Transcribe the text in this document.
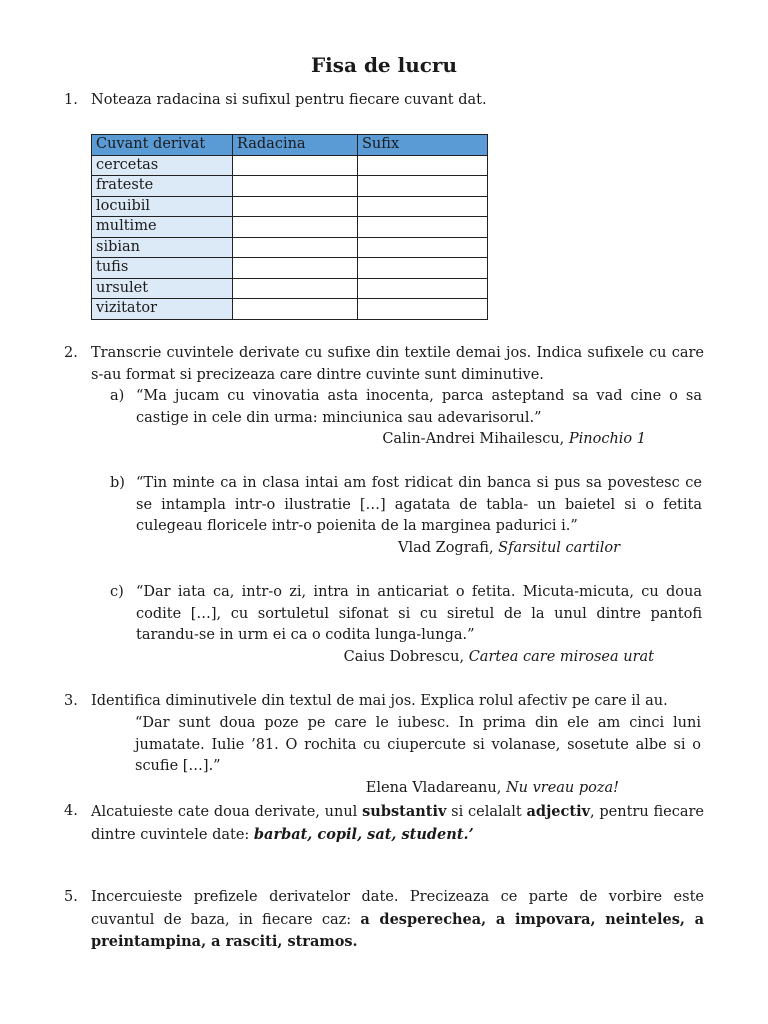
Fisa de lucru
1. Noteaza radacina si sufixul pentru fiecare cuvant dat.
Cuvant derivat	Radacina	Sufix
cercetas		
frateste		
locuibil		
multime		
sibian		
tufis		
ursulet		
vizitator		
2. Transcrie cuvintele derivate cu sufixe din textile demai jos. Indica sufixele cu care s-au format si precizeaza care dintre cuvinte sunt diminutive.
a) “Ma jucam cu vinovatia asta inocenta, parca asteptand sa vad cine o sa castige in cele din urma: minciunica sau adevarisorul.”
Calin-Andrei Mihailescu, Pinochio 1
b) “Tin minte ca in clasa intai am fost ridicat din banca si pus sa povestesc ce se intampla intr-o ilustratie […] agatata de tabla- un baietel si o fetita culegeau floricele intr-o poienita de la marginea padurici i.”
Vlad Zografi, Sfarsitul cartilor
c) “Dar iata ca, intr-o zi, intra in anticariat o fetita. Micuta-micuta, cu doua codite […], cu sortuletul sifonat si cu siretul de la unul dintre pantofi tarandu-se in urm ei ca o codita lunga-lunga.”
Caius Dobrescu, Cartea care mirosea urat
3. Identifica diminutivele din textul de mai jos. Explica rolul afectiv pe care il au.
“Dar sunt doua poze pe care le iubesc. In prima din ele am cinci luni jumatate. Iulie ’81. O rochita cu ciupercute si volanase, sosetute albe si o scufie […].”
Elena Vladareanu, Nu vreau poza!
4. Alcatuieste cate doua derivate, unul substantiv si celalalt adjectiv, pentru fiecare dintre cuvintele date: barbat, copil, sat, student.’
5. Incercuieste prefizele derivatelor date. Precizeaza ce parte de vorbire este cuvantul de baza, in fiecare caz: a desperechea, a impovara, neinteles, a preintampina, a rasciti, stramos.
